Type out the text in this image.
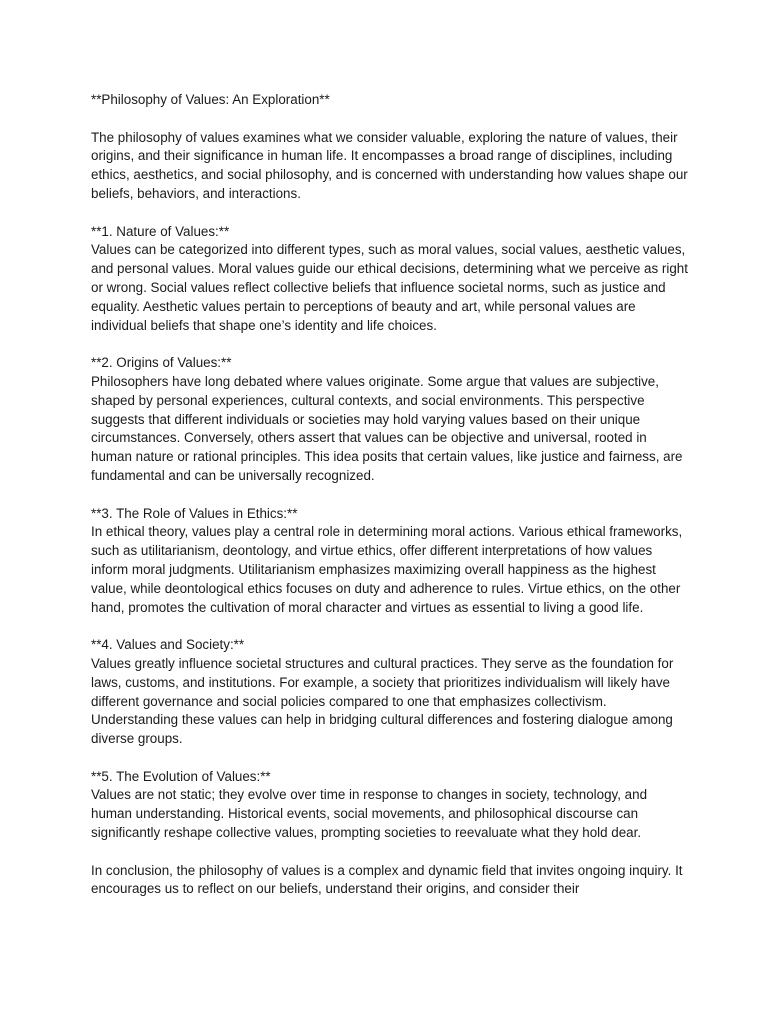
**Philosophy of Values: An Exploration**

The philosophy of values examines what we consider valuable, exploring the nature of values, their origins, and their significance in human life. It encompasses a broad range of disciplines, including ethics, aesthetics, and social philosophy, and is concerned with understanding how values shape our beliefs, behaviors, and interactions.

**1. Nature of Values:**
Values can be categorized into different types, such as moral values, social values, aesthetic values, and personal values. Moral values guide our ethical decisions, determining what we perceive as right or wrong. Social values reflect collective beliefs that influence societal norms, such as justice and equality. Aesthetic values pertain to perceptions of beauty and art, while personal values are individual beliefs that shape one’s identity and life choices.
**2. Origins of Values:**
Philosophers have long debated where values originate. Some argue that values are subjective, shaped by personal experiences, cultural contexts, and social environments. This perspective suggests that different individuals or societies may hold varying values based on their unique circumstances. Conversely, others assert that values can be objective and universal, rooted in human nature or rational principles. This idea posits that certain values, like justice and fairness, are fundamental and can be universally recognized.
**3. The Role of Values in Ethics:**
In ethical theory, values play a central role in determining moral actions. Various ethical frameworks, such as utilitarianism, deontology, and virtue ethics, offer different interpretations of how values inform moral judgments. Utilitarianism emphasizes maximizing overall happiness as the highest value, while deontological ethics focuses on duty and adherence to rules. Virtue ethics, on the other hand, promotes the cultivation of moral character and virtues as essential to living a good life.
**4. Values and Society:**
Values greatly influence societal structures and cultural practices. They serve as the foundation for laws, customs, and institutions. For example, a society that prioritizes individualism will likely have different governance and social policies compared to one that emphasizes collectivism. Understanding these values can help in bridging cultural differences and fostering dialogue among diverse groups.
**5. The Evolution of Values:**
Values are not static; they evolve over time in response to changes in society, technology, and human understanding. Historical events, social movements, and philosophical discourse can significantly reshape collective values, prompting societies to reevaluate what they hold dear.

In conclusion, the philosophy of values is a complex and dynamic field that invites ongoing inquiry. It encourages us to reflect on our beliefs, understand their origins, and consider their
